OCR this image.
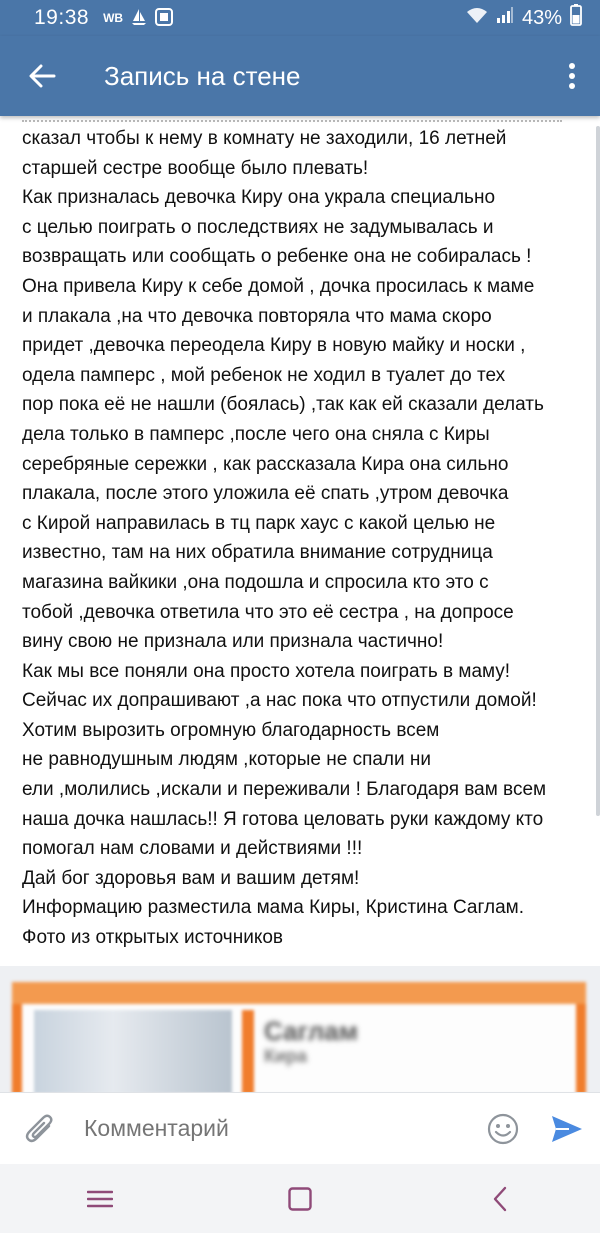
19:38 WB	43%
Запись на стене

сказал чтобы к нему в комнату не заходили, 16 летней

старшей сестре вообще было плевать!

Как призналась девочка Киру она украла специально

с целью поиграть о последствиях не задумывалась и

возвращать или сообщать о ребенке она не собиралась !

Она привела Киру к себе домой , дочка просилась к маме

и плакала ,на что девочка повторяла что мама скоро

придет ,девочка переодела Киру в новую майку и носки ,

одела памперс , мой ребенок не ходил в туалет до тех

пор пока её не нашли (боялась) ,так как ей сказали делать

дела только в памперс ,после чего она сняла с Киры

серебряные сережки , как рассказала Кира она сильно

плакала, после этого уложила её спать ,утром девочка

с Кирой направилась в тц парк хаус с какой целью не

известно, там на них обратилa внимание сотрудница

магазина вайкики ,она подошла и спросила кто это с

тобой ,девочка ответила что это её сестра , на допросе

вину свою не признала или признала частично!

Как мы все поняли она просто хотела поиграть в маму!

Сейчас их допрашивают ,а нас пока что отпустили домой!

Хотим вырозить огромную благодарность всем

не равнодушным людям ,которые не спали ни

ели ,молились ,искали и переживали ! Благодаря вам всем

наша дочка нашлась!! Я готова целовать руки каждому кто

помогал нам словами и действиями !!!

Дай бог здоровья вам и вашим детям!

Информацию разместила мама Киры, Кристина Саглам.

Фото из открытых источников

Саглам
Кира
Комментарий
